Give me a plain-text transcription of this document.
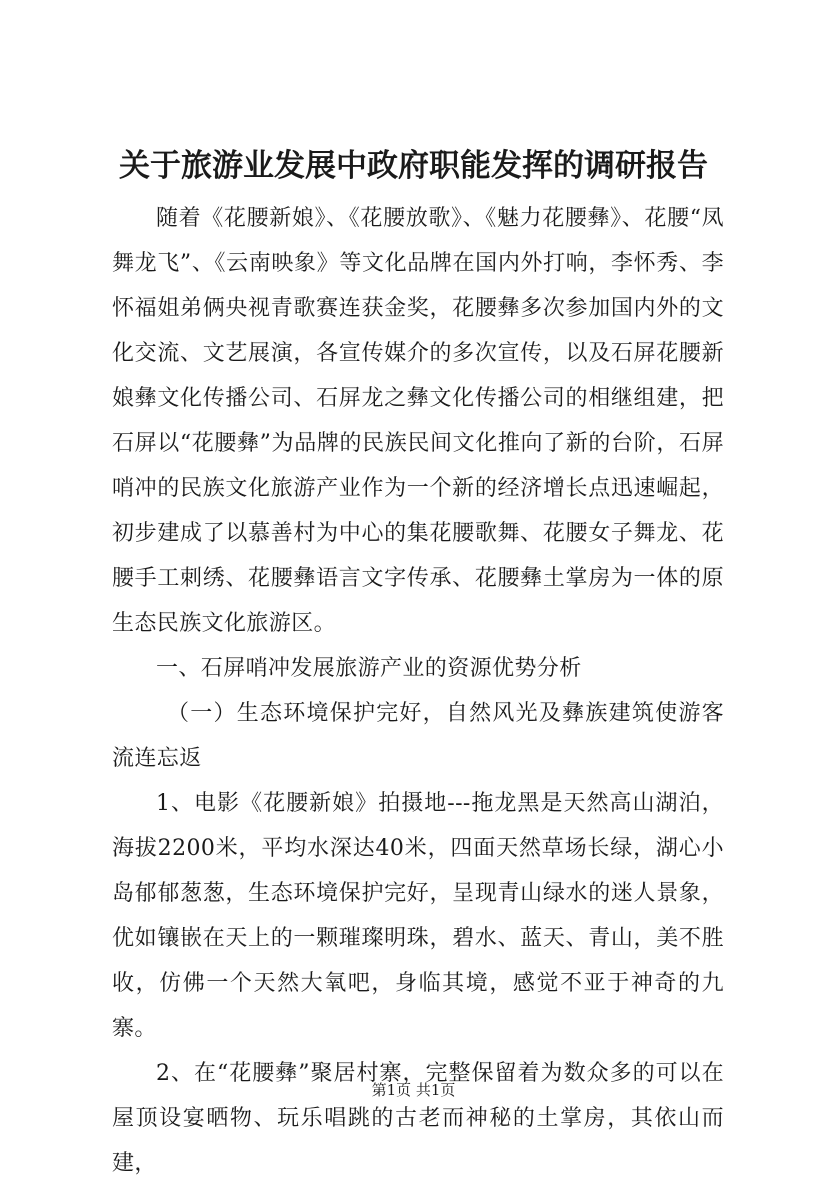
关于旅游业发展中政府职能发挥的调研报告

随着《花腰新娘》、《花腰放歌》、《魅力花腰彝》、花腰“凤舞龙飞”、《云南映象》等文化品牌在国内外打响，李怀秀、李怀福姐弟俩央视青歌赛连获金奖，花腰彝多次参加国内外的文化交流、文艺展演，各宣传媒介的多次宣传，以及石屏花腰新娘彝文化传播公司、石屏龙之彝文化传播公司的相继组建，把石屏以“花腰彝”为品牌的民族民间文化推向了新的台阶，石屏哨冲的民族文化旅游产业作为一个新的经济增长点迅速崛起，初步建成了以慕善村为中心的集花腰歌舞、花腰女子舞龙、花腰手工刺绣、花腰彝语言文字传承、花腰彝土掌房为一体的原生态民族文化旅游区。

一、石屏哨冲发展旅游产业的资源优势分析

（一）生态环境保护完好，自然风光及彝族建筑使游客流连忘返

1、电影《花腰新娘》拍摄地---拖龙黑是天然高山湖泊，海拔2200米，平均水深达40米，四面天然草场长绿，湖心小岛郁郁葱葱，生态环境保护完好，呈现青山绿水的迷人景象，优如镶嵌在天上的一颗璀璨明珠，碧水、蓝天、青山，美不胜收，仿佛一个天然大氧吧，身临其境，感觉不亚于神奇的九寨。

2、在“花腰彝”聚居村寨，完整保留着为数众多的可以在屋顶设宴晒物、玩乐唱跳的古老而神秘的土掌房，其依山而建，

第1页 共1页
